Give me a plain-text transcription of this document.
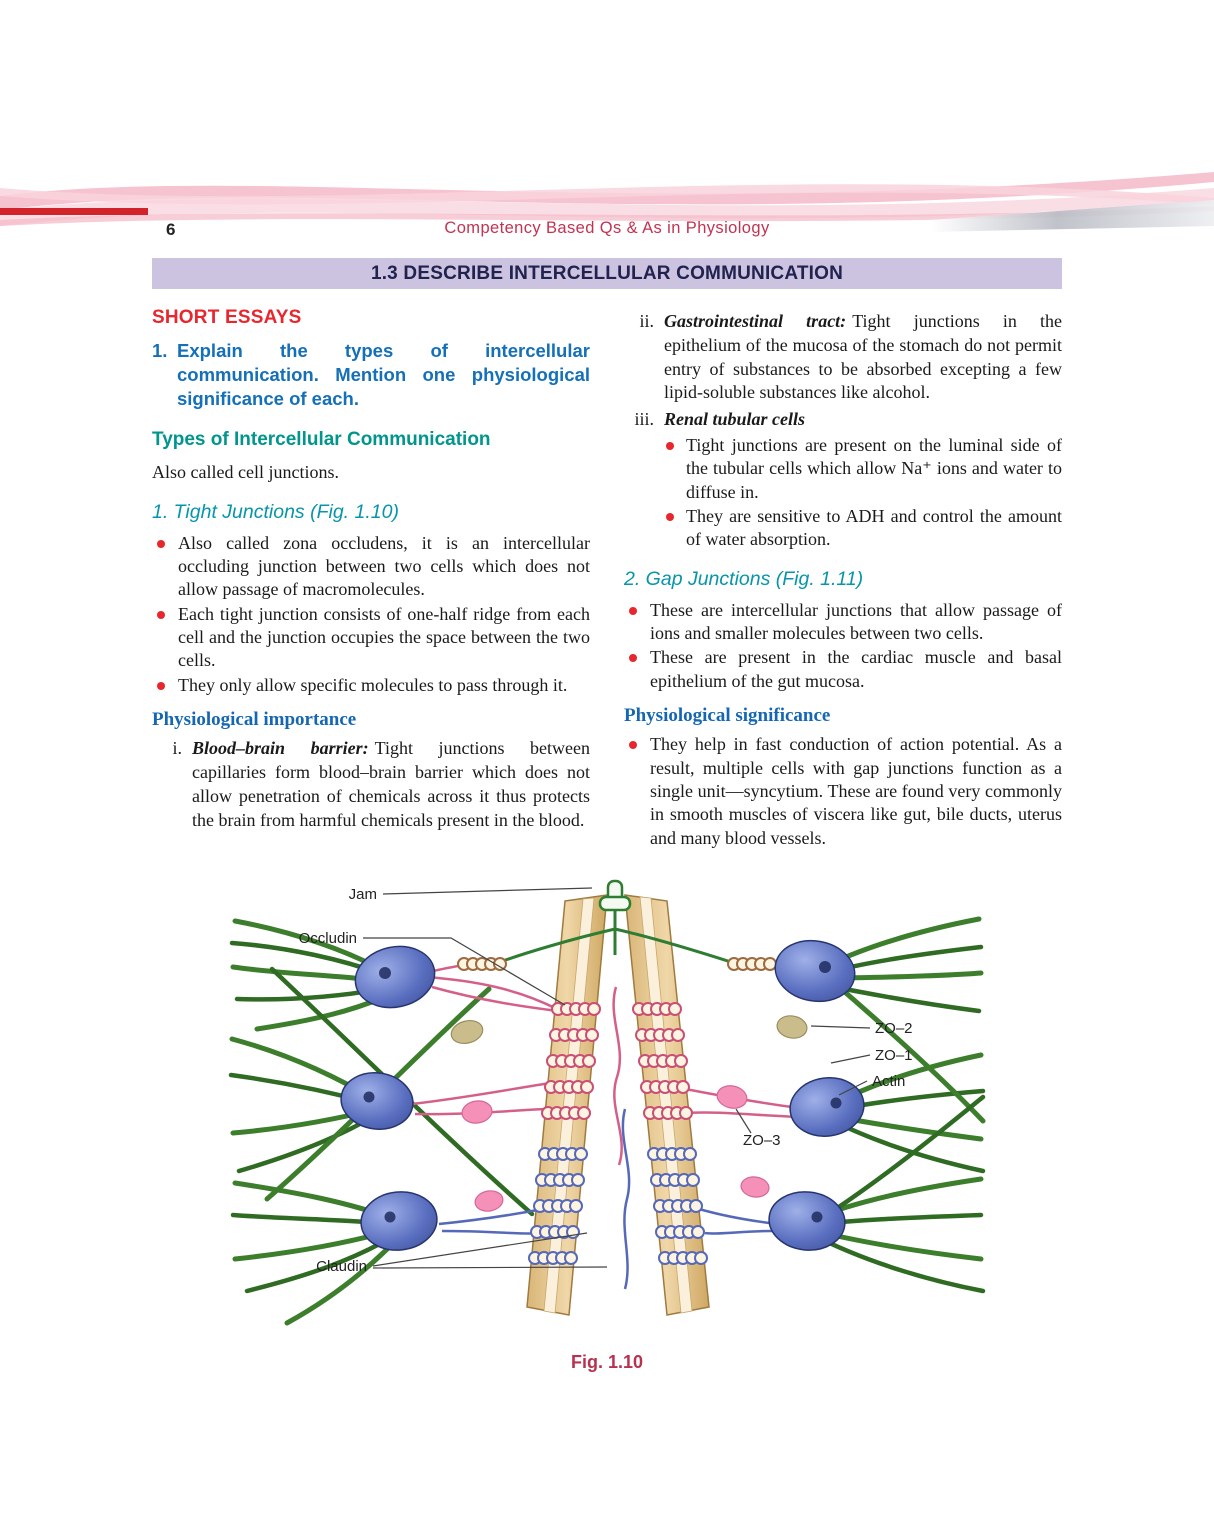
6	Competency Based Qs & As in Physiology
1.3 DESCRIBE INTERCELLULAR COMMUNICATION
SHORT ESSAYS
1. Explain the types of intercellular communication. Mention one physiological significance of each.
Types of Intercellular Communication

Also called cell junctions.

1. Tight Junctions (Fig. 1.10)
Also called zona occludens, it is an intercellular occluding junction between two cells which does not allow passage of macromolecules.
Each tight junction consists of one-half ridge from each cell and the junction occupies the space between the two cells.
They only allow specific molecules to pass through it.
Physiological importance
i. Blood–brain barrier: Tight junctions between capillaries form blood–brain barrier which does not allow penetration of chemicals across it thus protects the brain from harmful chemicals present in the blood.

ii. Gastrointestinal tract: Tight junctions in the epithelium of the mucosa of the stomach do not permit entry of substances to be absorbed excepting a few lipid-soluble substances like alcohol.

iii. Renal tubular cells

Tight junctions are present on the luminal side of the tubular cells which allow Na⁺ ions and water to diffuse in.
They are sensitive to ADH and control the amount of water absorption.
2. Gap Junctions (Fig. 1.11)
These are intercellular junctions that allow passage of ions and smaller molecules between two cells.
These are present in the cardiac muscle and basal epithelium of the gut mucosa.
Physiological significance
They help in fast conduction of action potential. As a result, multiple cells with gap junctions function as a single unit—syncytium. These are found very commonly in smooth muscles of viscera like gut, bile ducts, uterus and many blood vessels.
Jam
Occludin
ZO–2
ZO–1
Actin
ZO–3
Claudin
Fig. 1.10
